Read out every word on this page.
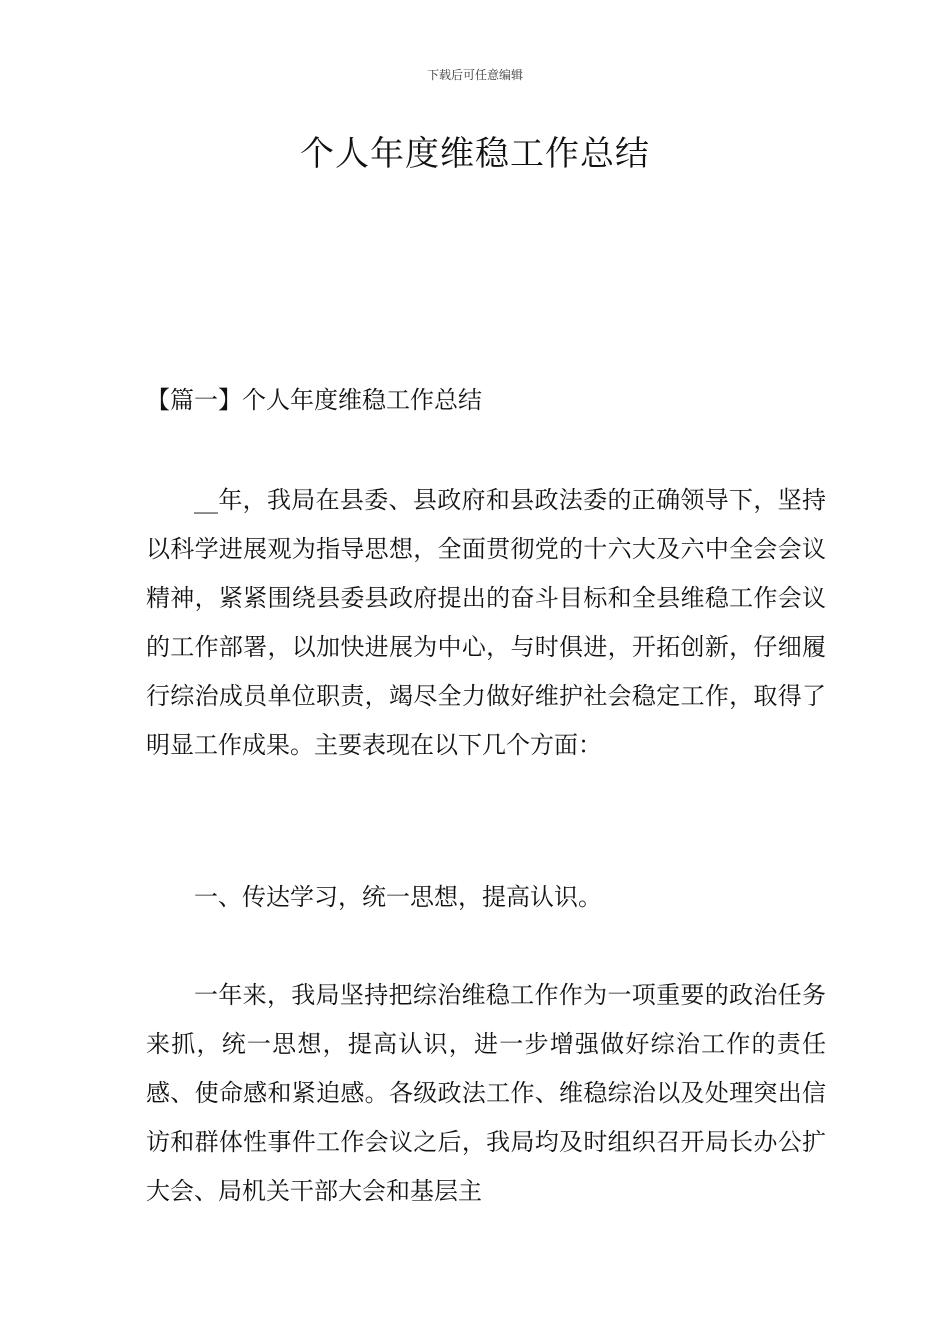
下载后可任意编辑
个人年度维稳工作总结
【篇一】个人年度维稳工作总结

__年，我局在县委、县政府和县政法委的正确领导下，坚持以科学进展观为指导思想，全面贯彻党的十六大及六中全会会议精神，紧紧围绕县委县政府提出的奋斗目标和全县维稳工作会议的工作部署，以加快进展为中心，与时俱进，开拓创新，仔细履行综治成员单位职责，竭尽全力做好维护社会稳定工作，取得了明显工作成果。主要表现在以下几个方面：

一、传达学习，统一思想，提高认识。

一年来，我局坚持把综治维稳工作作为一项重要的政治任务来抓，统一思想，提高认识，进一步增强做好综治工作的责任感、使命感和紧迫感。各级政法工作、维稳综治以及处理突出信访和群体性事件工作会议之后，我局均及时组织召开局长办公扩大会、局机关干部大会和基层主
